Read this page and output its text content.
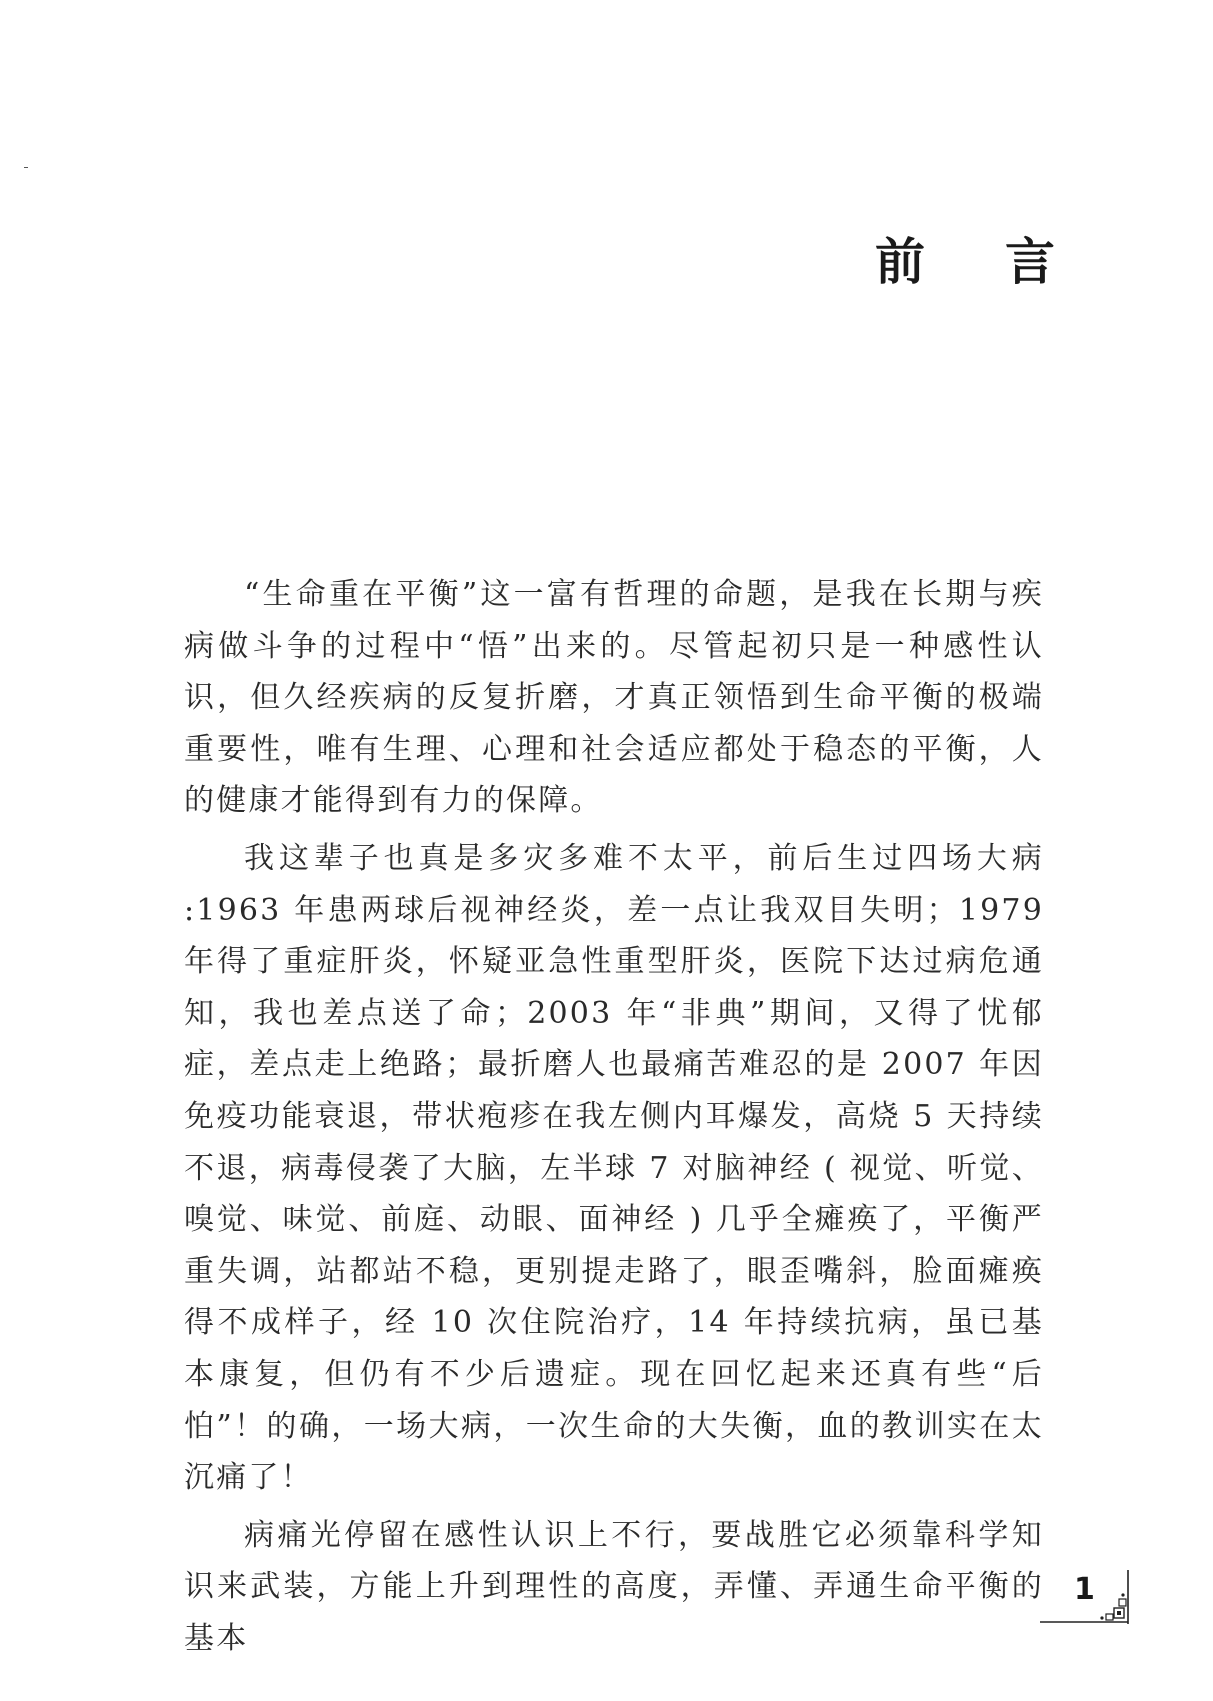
前 言

“生命重在平衡”这一富有哲理的命题，是我在长期与疾病做斗争的过程中“悟”出来的。尽管起初只是一种感性认识，但久经疾病的反复折磨，才真正领悟到生命平衡的极端重要性，唯有生理、心理和社会适应都处于稳态的平衡，人的健康才能得到有力的保障。

我这辈子也真是多灾多难不太平，前后生过四场大病 :1963 年患两球后视神经炎，差一点让我双目失明；1979 年得了重症肝炎，怀疑亚急性重型肝炎，医院下达过病危通知，我也差点送了命；2003 年“非典”期间，又得了忧郁症，差点走上绝路；最折磨人也最痛苦难忍的是 2007 年因免疫功能衰退，带状疱疹在我左侧内耳爆发，高烧 5 天持续不退，病毒侵袭了大脑，左半球 7 对脑神经 ( 视觉、听觉、嗅觉、味觉、前庭、动眼、面神经 ) 几乎全瘫痪了，平衡严重失调，站都站不稳，更别提走路了，眼歪嘴斜，脸面瘫痪得不成样子，经 10 次住院治疗，14 年持续抗病，虽已基本康复，但仍有不少后遗症。现在回忆起来还真有些“后怕”！的确，一场大病，一次生命的大失衡，血的教训实在太沉痛了！

病痛光停留在感性认识上不行，要战胜它必须靠科学知识来武装，方能上升到理性的高度，弄懂、弄通生命平衡的基本

1
